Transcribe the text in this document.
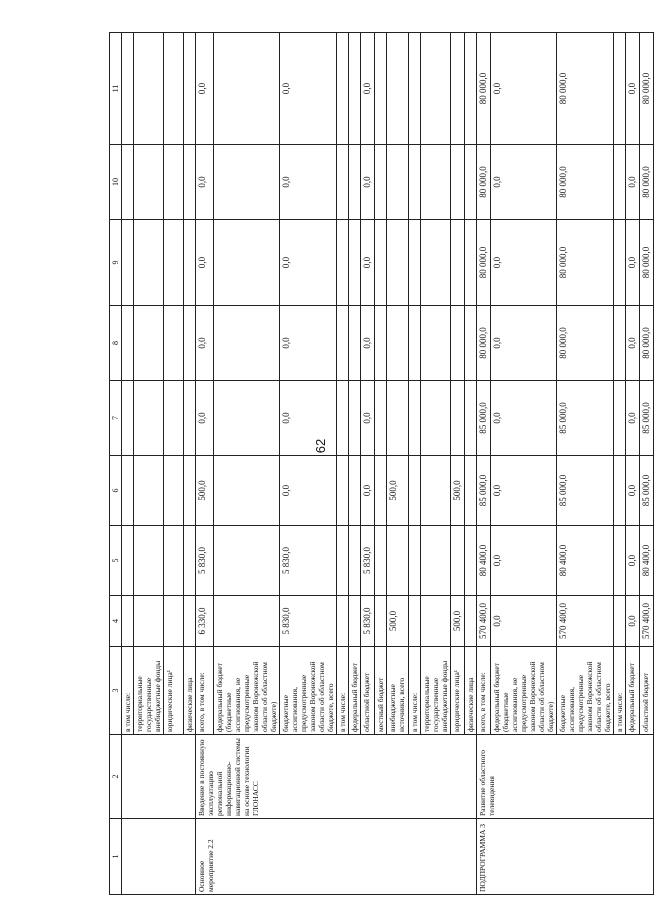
62
1	2	3	4	5	6	7	8	9	10	11
		в том числе:								
		территориальные государственные внебюджетные фонды								
		юридические лица¹								
		физические лица								
Основное мероприятие 2.2	Введение в постоянную эксплуатацию региональной информационно-навигационной системы на основе технологии ГЛОНАСС	всего, в том числе:	6 330,0	5 830,0	500,0	0,0	0,0	0,0	0,0	0,0
		федеральный бюджет (бюджетные ассигнования, не предусмотренные законом Воронежской области об областном бюджете)								
		бюджетные ассигнования, предусмотренные законом Воронежской области об областном бюджете, всего	5 830,0	5 830,0	0,0	0,0	0,0	0,0	0,0	0,0
		в том числе:								
		федеральный бюджет								
		областной бюджет	5 830,0	5 830,0	0,0	0,0	0,0	0,0	0,0	0,0
		местный бюджет								
		внебюджетные источники, всего	500,0		500,0					
		в том числе:								
		территориальные государственные внебюджетные фонды								
		юридические лица¹	500,0		500,0					
		физические лица								
ПОДПРОГРАММА 3	Развитие областного телевидения	всего, в том числе:	570 400,0	80 400,0	85 000,0	85 000,0	80 000,0	80 000,0	80 000,0	80 000,0
		федеральный бюджет (бюджетные ассигнования, не предусмотренные законом Воронежской области об областном бюджете)	0,0	0,0	0,0	0,0	0,0	0,0	0,0	0,0
		бюджетные ассигнования, предусмотренные законом Воронежской области об областном бюджете, всего	570 400,0	80 400,0	85 000,0	85 000,0	80 000,0	80 000,0	80 000,0	80 000,0
		в том числе:								
		федеральный бюджет	0,0	0,0	0,0	0,0	0,0	0,0	0,0	0,0
		областной бюджет	570 400,0	80 400,0	85 000,0	85 000,0	80 000,0	80 000,0	80 000,0	80 000,0
